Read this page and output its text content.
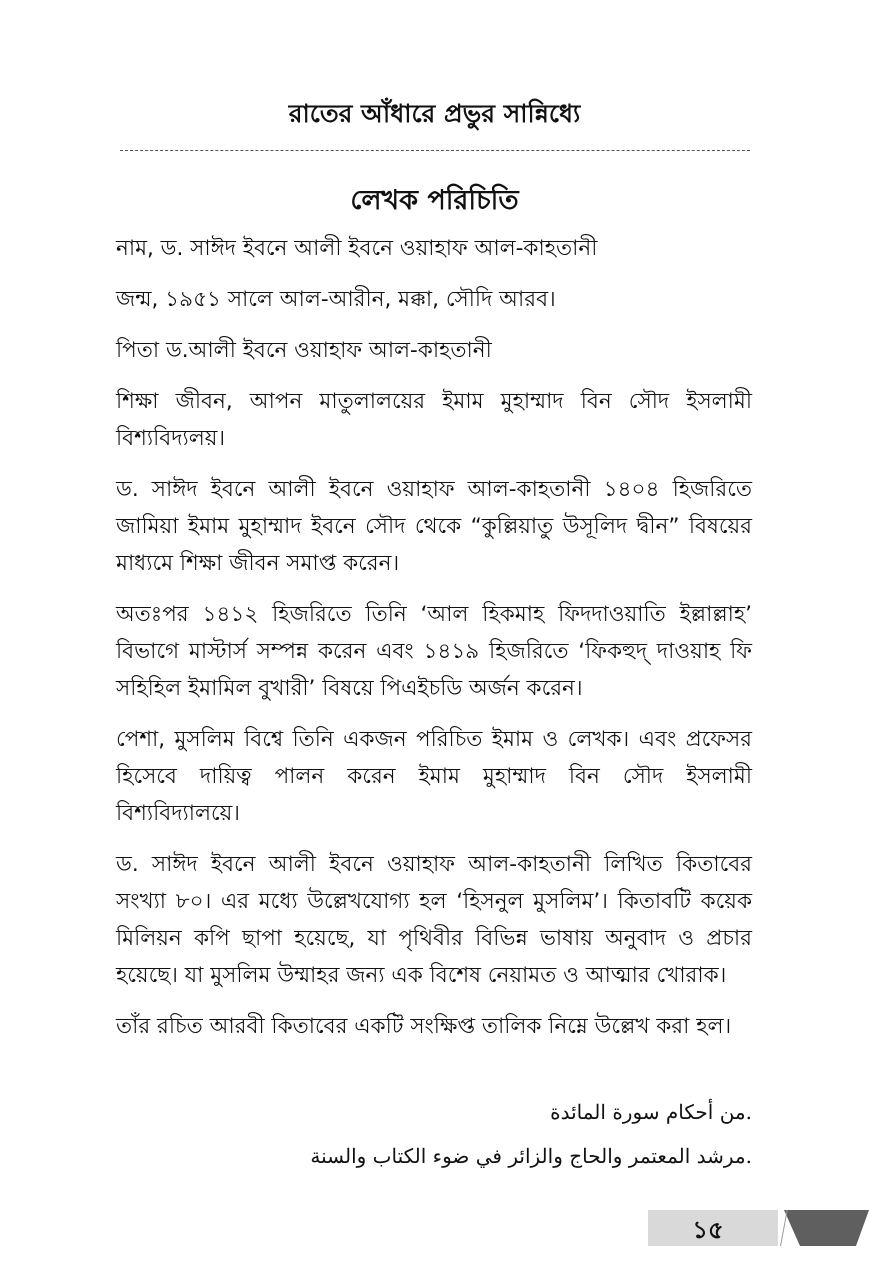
রাতের আঁধারে প্রভুর সান্নিধ্যে
লেখক পরিচিতি

নাম, ড. সাঈদ ইবনে আলী ইবনে ওয়াহাফ আল-কাহতানী

জন্ম, ১৯৫১ সালে আল-আরীন, মক্কা, সৌদি আরব।

পিতা ড.আলী ইবনে ওয়াহাফ আল-কাহতানী

শিক্ষা জীবন, আপন মাতুলালয়ের ইমাম মুহাম্মাদ বিন সৌদ ইসলামী বিশ্যবিদ্যলয়।

ড. সাঈদ ইবনে আলী ইবনে ওয়াহাফ আল-কাহতানী ১৪০৪ হিজরিতে জামিয়া ইমাম মুহাম্মাদ ইবনে সৌদ থেকে “কুল্লিয়াতু উসূলিদ দ্বীন” বিষয়ের মাধ্যমে শিক্ষা জীবন সমাপ্ত করেন।

অতঃপর ১৪১২ হিজরিতে তিনি ‘আল হিকমাহ ফিদদাওয়াতি ইল্লাল্লাহ’ বিভাগে মাস্টার্স সম্পন্ন করেন এবং ১৪১৯ হিজরিতে ‘ফিকহুদ্ দাওয়াহ ফি সহিহিল ইমামিল বুখারী’ বিষয়ে পিএইচডি অর্জন করেন।

পেশা, মুসলিম বিশ্বে তিনি একজন পরিচিত ইমাম ও লেখক। এবং প্রফেসর হিসেবে দায়িত্ব পালন করেন ইমাম মুহাম্মাদ বিন সৌদ ইসলামী বিশ্যবিদ্যালয়ে।

ড. সাঈদ ইবনে আলী ইবনে ওয়াহাফ আল-কাহতানী লিখিত কিতাবের সংখ্যা ৮০। এর মধ্যে উল্লেখযোগ্য হল ‘হিসনুল মুসলিম’। কিতাবটি কয়েক মিলিয়ন কপি ছাপা হয়েছে, যা পৃথিবীর বিভিন্ন ভাষায় অনুবাদ ও প্রচার হয়েছে। যা মুসলিম উম্মাহর জন্য এক বিশেষ নেয়ামত ও আত্মার খোরাক।

তাঁর রচিত আরবী কিতাবের একটি সংক্ষিপ্ত তালিক নিম্নে উল্লেখ করা হল।

.من أحكام سورة المائدة

.مرشد المعتمر والحاج والزائر في ضوء الكتاب والسنة

১৫
